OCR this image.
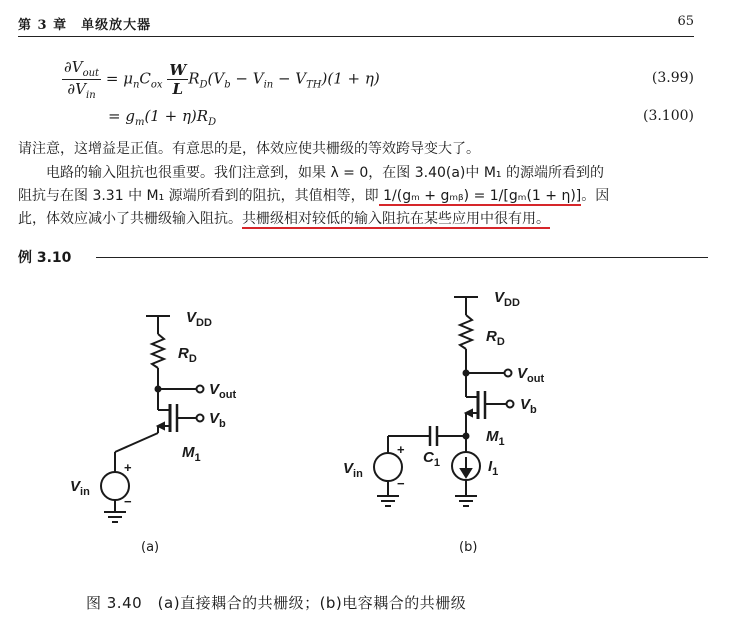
第 3 章　单级放大器	65
$\frac{\partial V_{out}}{\partial V_{in}} = \mu_nC_{ox} \frac{W}{L} R_D(V_b - V_{in} - V_{TH})(1 + \eta)$	(3.99)
= $g_m(1 + \eta)R_D$	(3.100)
请注意，这增益是正值。有意思的是，体效应使共栅级的等效跨导变大了。
　　电路的输入阻抗也很重要。我们注意到，如果 λ = 0，在图 3.40(a)中 M₁ 的源端所看到的
阻抗与在图 3.31 中 M₁ 源端所看到的阻抗，其值相等，即 1/(gₘ + gₘᵦ) = 1/[gₘ(1 + η)]。因
此，体效应减小了共栅级输入阻抗。共栅级相对较低的输入阻抗在某些应用中很有用。
例 3.10
$V_{DD}$
$R_D$
$V_{out}$
$V_b$
$M_1$
$V_{in}$
+
−
$V_{DD}$
$R_D$
$V_{out}$
$V_b$
$M_1$
$C_1$	$I_1$
$V_{in}$
+
−
(a)	(b)
图 3.40　(a)直接耦合的共栅级；(b)电容耦合的共栅级
